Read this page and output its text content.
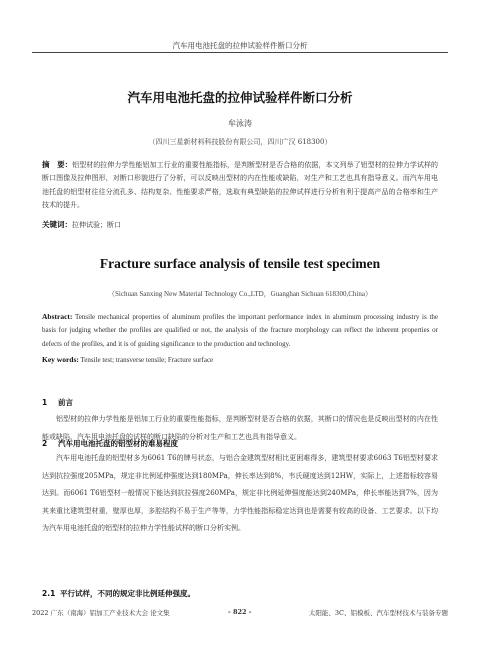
汽车用电池托盘的拉伸试验样件断口分析
汽车用电池托盘的拉伸试验样件断口分析
牟泳涛
（四川三星新材料科技股份有限公司，四川广汉 618300）
摘　要：铝型材的拉伸力学性能铝加工行业的重要性能指标，是判断型材是否合格的依据，本文列举了铝型材的拉伸力学试样的断口图像及拉伸图形，对断口形貌进行了分析，可以反映出型材的内在性能或缺陷，对生产和工艺也具有指导意义。而汽车用电池托盘的铝型材往往分流孔多、结构复杂、性能要求严格，选取有典型缺陷的拉伸试样进行分析有利于提高产品的合格率和生产技术的提升。
关键词：拉伸试验；断口
Fracture surface analysis of tensile test specimen
（Sichuan Sanxing New Material Technology Co.,LTD，Guanghan Sichuan 618300,China）
Abstract: Tensile mechanical properties of aluminum profiles the important performance index in aluminum processing industry is the basis for judging whether the profiles are qualified or not, the analysis of the fracture morphology can reflect the inherent properties or defects of the profiles, and it is of guiding significance to the production and technology.
Key words: Tensile test; transverse tensile; Fracture surface
1 前言
铝型材的拉伸力学性能是铝加工行业的重要性能指标，是判断型材是否合格的依据，其断口的情况也是反映出型材的内在性能或缺陷，汽车用电池托盘的试样的断口缺陷的分析对生产和工艺也具有指导意义。
2 汽车用电池托盘的铝型材的难易程度
汽车用电池托盘的铝型材多为6061 T6的牌号状态，与铝合金建筑型材相比更困难得多，建筑型材要求6063 T6铝型材要求达到抗拉强度205MPa，规定非比例延伸强度达到180MPa，伸长率达到8%，韦氏硬度达到12HW，实际上，上述指标较容易达到。而6061 T6铝型材一般情况下能达到抗拉强度260MPa，规定非比例延伸强度能达到240MPa，伸长率能达到7%，因为其来重比建筑型材重，壁厚也厚，多腔结构不易于生产等等，力学性能指标稳定达到也是需要有较高的设备、工艺要求。以下均为汽车用电池托盘的铝型材的拉伸力学性能试样的断口分析实例。
2.1 平行试样，不同的规定非比例延伸强度。
2022 广东（南海）铝加工产业技术大会 论文集	- 822 -	太阳能、3C、铝模板、汽车型材技术与装备专题
